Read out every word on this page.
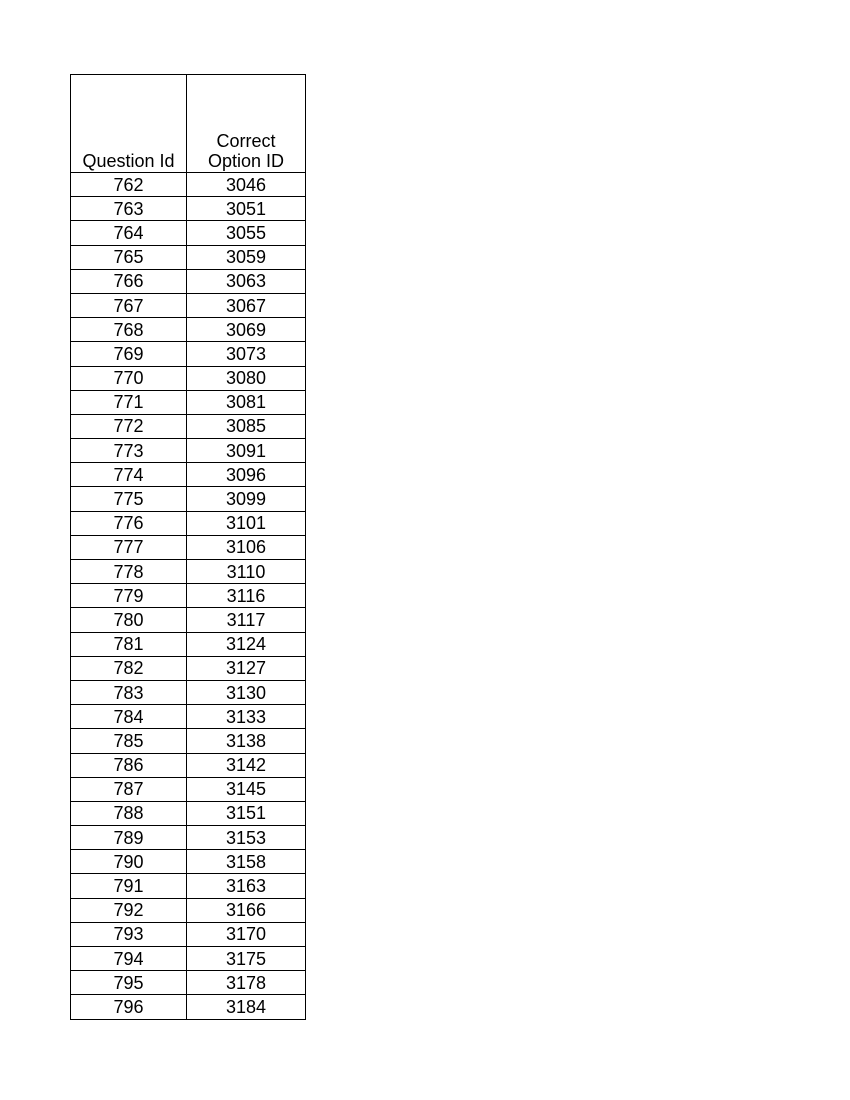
Question Id	Correct
Option ID

762	3046
763	3051
764	3055
765	3059
766	3063
767	3067
768	3069
769	3073
770	3080
771	3081
772	3085
773	3091
774	3096
775	3099
776	3101
777	3106
778	3110
779	3116
780	3117
781	3124
782	3127
783	3130
784	3133
785	3138
786	3142
787	3145
788	3151
789	3153
790	3158
791	3163
792	3166
793	3170
794	3175
795	3178
796	3184
